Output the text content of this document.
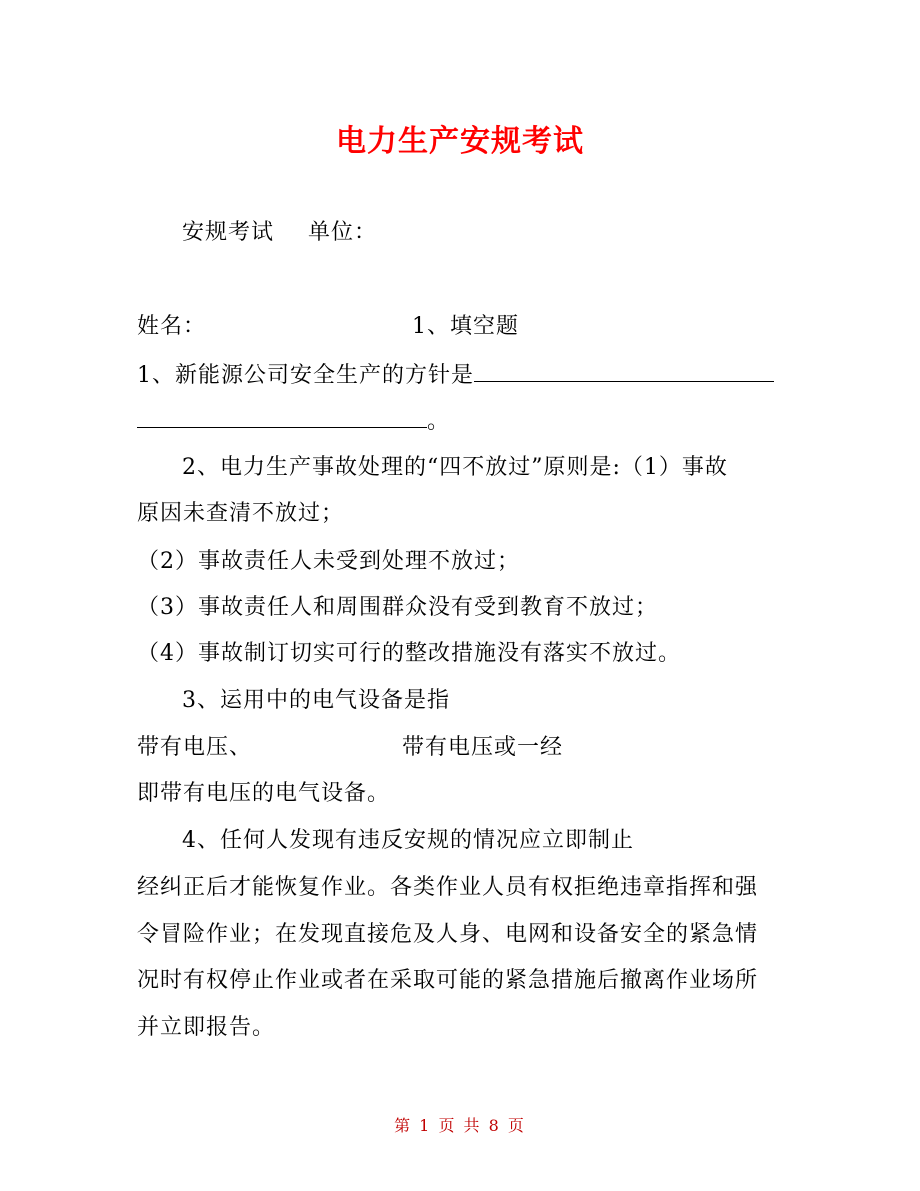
电力生产安规考试
安规考试 单位：
姓名：	1、填空题
1、新能源公司安全生产的方针是
。
2、电力生产事故处理的“四不放过”原则是:（1）事故
原因未查清不放过；
（2）事故责任人未受到处理不放过；
（3）事故责任人和周围群众没有受到教育不放过；
（4）事故制订切实可行的整改措施没有落实不放过。
3、运用中的电气设备是指
带有电压、	带有电压或一经
即带有电压的电气设备。
4、任何人发现有违反安规的情况应立即制止
经纠正后才能恢复作业。各类作业人员有权拒绝违章指挥和强
令冒险作业；在发现直接危及人身、电网和设备安全的紧急情
况时有权停止作业或者在采取可能的紧急措施后撤离作业场所
并立即报告。
第 1 页 共 8 页
